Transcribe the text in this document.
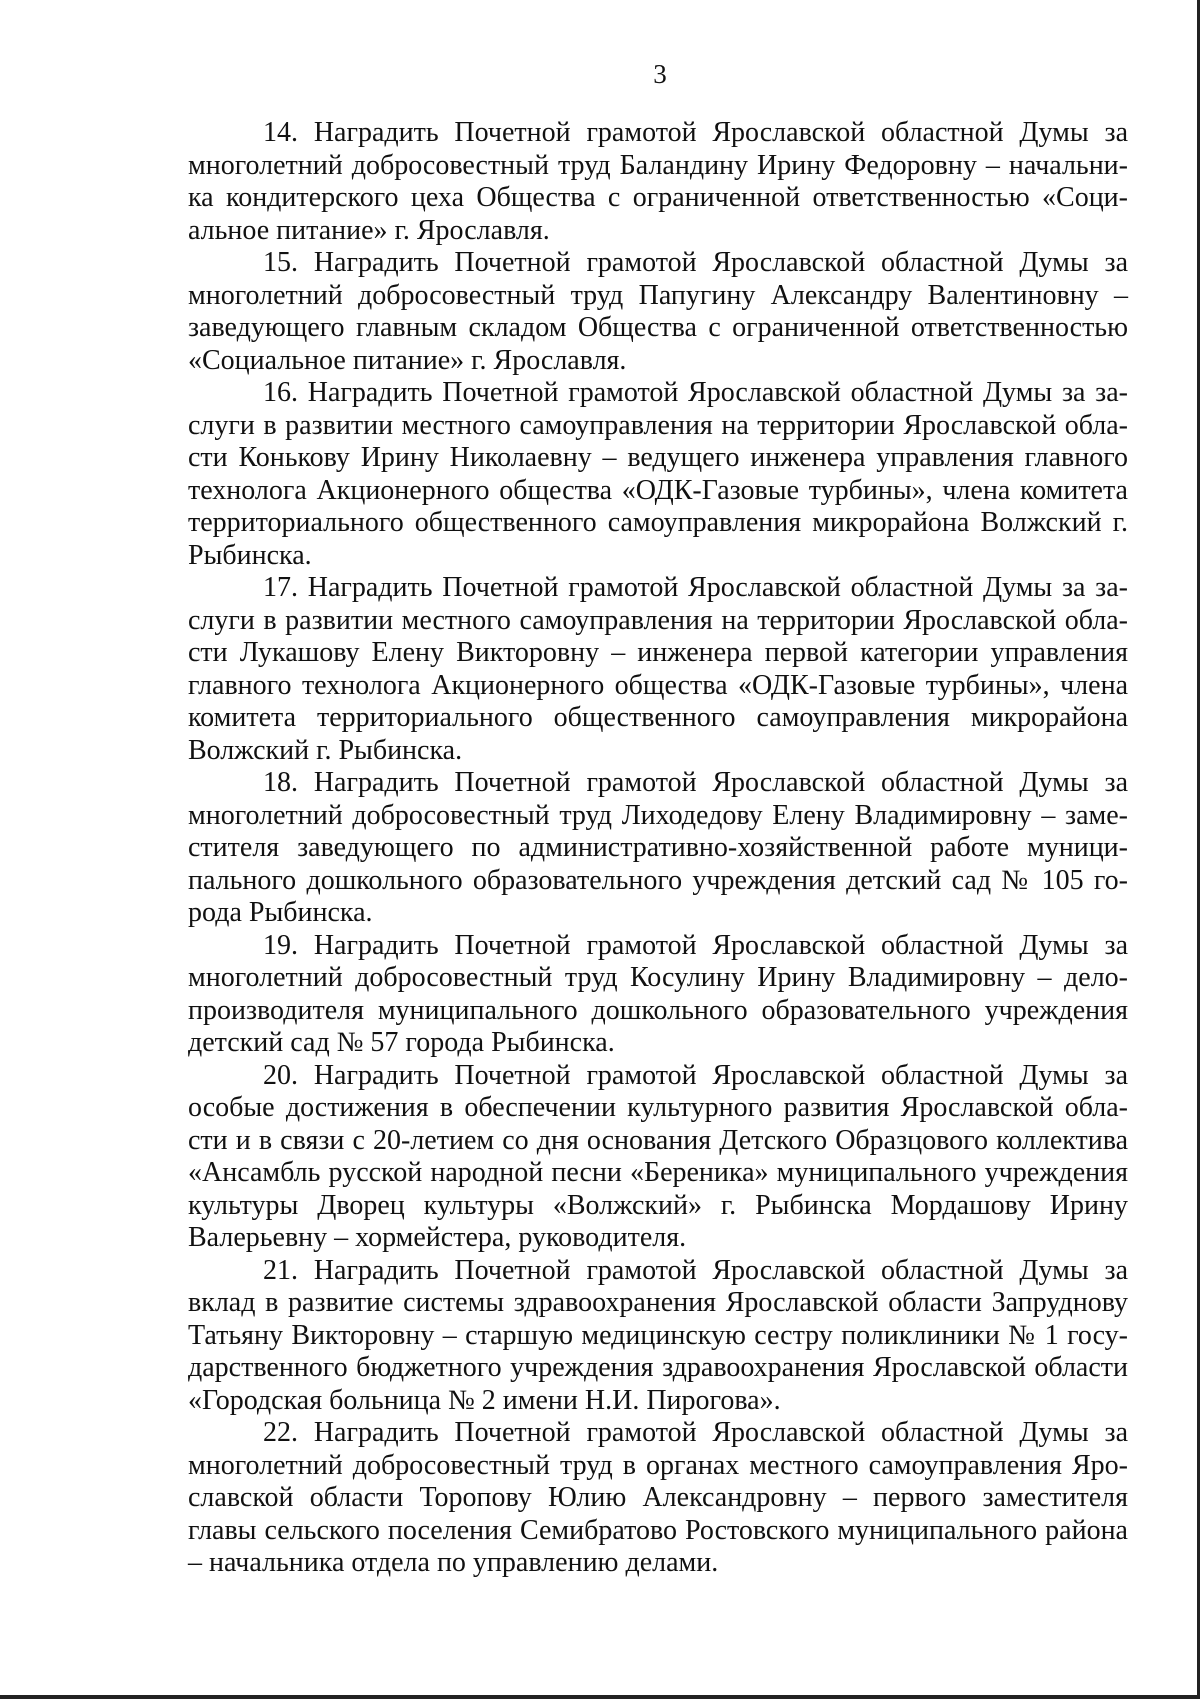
3

14. Наградить Почетной грамотой Ярославской областной Думы за многолетний добросовестный труд Баландину Ирину Федоровну – начальника кондитерского цеха Общества с ограниченной ответственностью «Социальное питание» г. Ярославля.

15. Наградить Почетной грамотой Ярославской областной Думы за многолетний добросовестный труд Папугину Александру Валентиновну – заведующего главным складом Общества с ограниченной ответственностью «Социальное питание» г. Ярославля.

16. Наградить Почетной грамотой Ярославской областной Думы за заслуги в развитии местного самоуправления на территории Ярославской области Конькову Ирину Николаевну – ведущего инженера управления главного технолога Акционерного общества «ОДК-Газовые турбины», члена комитета территориального общественного самоуправления микрорайона Волжский г. Рыбинска.

17. Наградить Почетной грамотой Ярославской областной Думы за заслуги в развитии местного самоуправления на территории Ярославской области Лукашову Елену Викторовну – инженера первой категории управления главного технолога Акционерного общества «ОДК-Газовые турбины», члена комитета территориального общественного самоуправления микрорайона Волжский г. Рыбинска.

18. Наградить Почетной грамотой Ярославской областной Думы за многолетний добросовестный труд Лиходедову Елену Владимировну – заместителя заведующего по административно-хозяйственной работе муниципального дошкольного образовательного учреждения детский сад № 105 города Рыбинска.

19. Наградить Почетной грамотой Ярославской областной Думы за многолетний добросовестный труд Косулину Ирину Владимировну – делопроизводителя муниципального дошкольного образовательного учреждения детский сад № 57 города Рыбинска.

20. Наградить Почетной грамотой Ярославской областной Думы за особые достижения в обеспечении культурного развития Ярославской области и в связи с 20-летием со дня основания Детского Образцового коллектива «Ансамбль русской народной песни «Береника» муниципального учреждения культуры Дворец культуры «Волжский» г. Рыбинска Мордашову Ирину Валерьевну – хормейстера, руководителя.

21. Наградить Почетной грамотой Ярославской областной Думы за вклад в развитие системы здравоохранения Ярославской области Запруднову Татьяну Викторовну – старшую медицинскую сестру поликлиники № 1 государственного бюджетного учреждения здравоохранения Ярославской области «Городская больница № 2 имени Н.И. Пирогова».

22. Наградить Почетной грамотой Ярославской областной Думы за многолетний добросовестный труд в органах местного самоуправления Ярославской области Торопову Юлию Александровну – первого заместителя главы сельского поселения Семибратово Ростовского муниципального района – начальника отдела по управлению делами.
